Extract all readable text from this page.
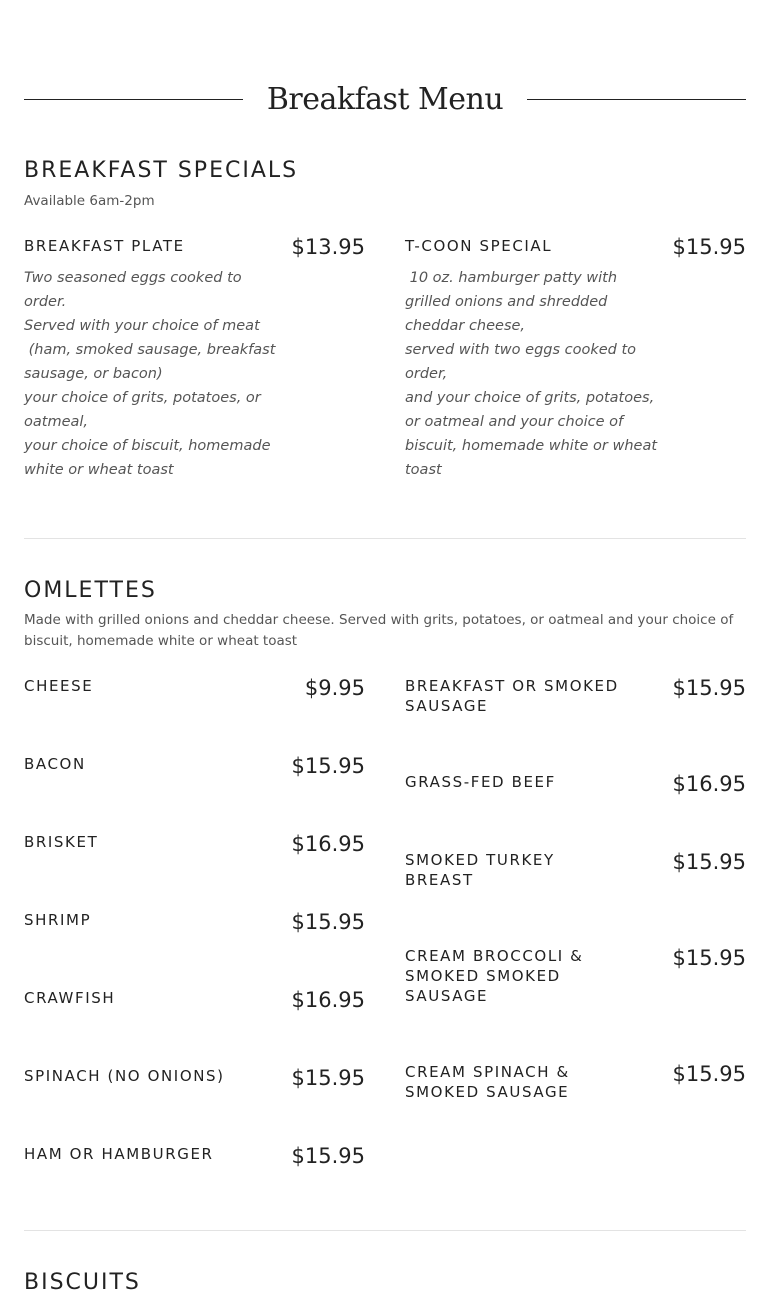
Breakfast Menu
BREAKFAST SPECIALS
Available 6am-2pm
BREAKFAST PLATE	$13.95
Two seasoned eggs cooked to
order.
Served with your choice of meat
(ham, smoked sausage, breakfast
sausage, or bacon)
your choice of grits, potatoes, or
oatmeal,
your choice of biscuit, homemade
white or wheat toast
T-COON SPECIAL	$15.95
10 oz. hamburger patty with
grilled onions and shredded
cheddar cheese,
served with two eggs cooked to
order,
and your choice of grits, potatoes,
or oatmeal and your choice of
biscuit, homemade white or wheat
toast
OMLETTES
Made with grilled onions and cheddar cheese. Served with grits, potatoes, or oatmeal and your choice of biscuit, homemade white or wheat toast
CHEESE	$9.95
BACON	$15.95
BRISKET	$16.95
SHRIMP	$15.95
CRAWFISH	$16.95
SPINACH (NO ONIONS)	$15.95
HAM OR HAMBURGER	$15.95
BREAKFAST OR SMOKED SAUSAGE
$15.95
GRASS-FED BEEF	$16.95
SMOKED TURKEY BREAST
$15.95
CREAM BROCCOLI & SMOKED SMOKED SAUSAGE
$15.95
CREAM SPINACH & SMOKED SAUSAGE
$15.95
BISCUITS
